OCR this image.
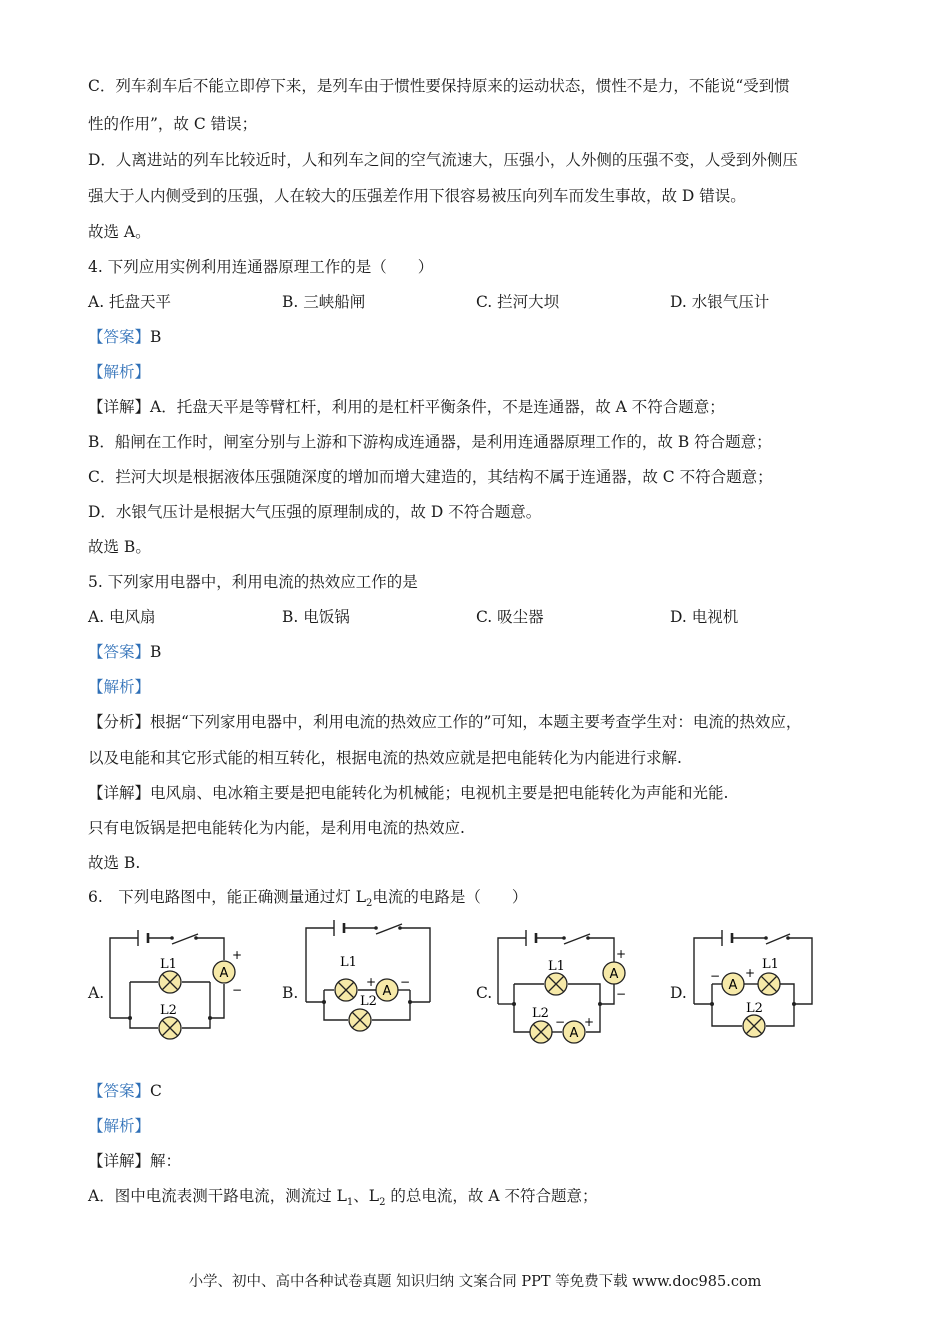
C．列车刹车后不能立即停下来，是列车由于惯性要保持原来的运动状态，惯性不是力，不能说“受到惯
性的作用”，故 C 错误；
D．人离进站的列车比较近时，人和列车之间的空气流速大，压强小，人外侧的压强不变，人受到外侧压
强大于人内侧受到的压强，人在较大的压强差作用下很容易被压向列车而发生事故，故 D 错误。
故选 A。
4. 下列应用实例利用连通器原理工作的是（　　）
A. 托盘天平	B. 三峡船闸	C. 拦河大坝	D. 水银气压计
【答案】B
【解析】
【详解】A．托盘天平是等臂杠杆，利用的是杠杆平衡条件，不是连通器，故 A 不符合题意；
B．船闸在工作时，闸室分别与上游和下游构成连通器，是利用连通器原理工作的，故 B 符合题意；
C．拦河大坝是根据液体压强随深度的增加而增大建造的，其结构不属于连通器，故 C 不符合题意；
D．水银气压计是根据大气压强的原理制成的，故 D 不符合题意。
故选 B。
5. 下列家用电器中，利用电流的热效应工作的是
A. 电风扇	B. 电饭锅	C. 吸尘器	D. 电视机
【答案】B
【解析】
【分析】根据“下列家用电器中，利用电流的热效应工作的”可知，本题主要考查学生对：电流的热效应，
以及电能和其它形式能的相互转化，根据电流的热效应就是把电能转化为内能进行求解.
【详解】电风扇、电冰箱主要是把电能转化为机械能；电视机主要是把电能转化为声能和光能.
只有电饭锅是把电能转化为内能，是利用电流的热效应.
故选 B.
6.　下列电路图中，能正确测量通过灯 $L_2$电流的电路是（　　）
A.	B.	C.	D.
A
+
−
L1
L2
A
+ −
L1
L2
A
+
−
A
− +
L1
L2
A
− +
L1
L2
【答案】C
【解析】
【详解】解：
A．图中电流表测干路电流，测流过 $L_1$、$L_2$ 的总电流，故 A 不符合题意；
小学、初中、高中各种试卷真题 知识归纳 文案合同 PPT 等免费下载 www.doc985.com
